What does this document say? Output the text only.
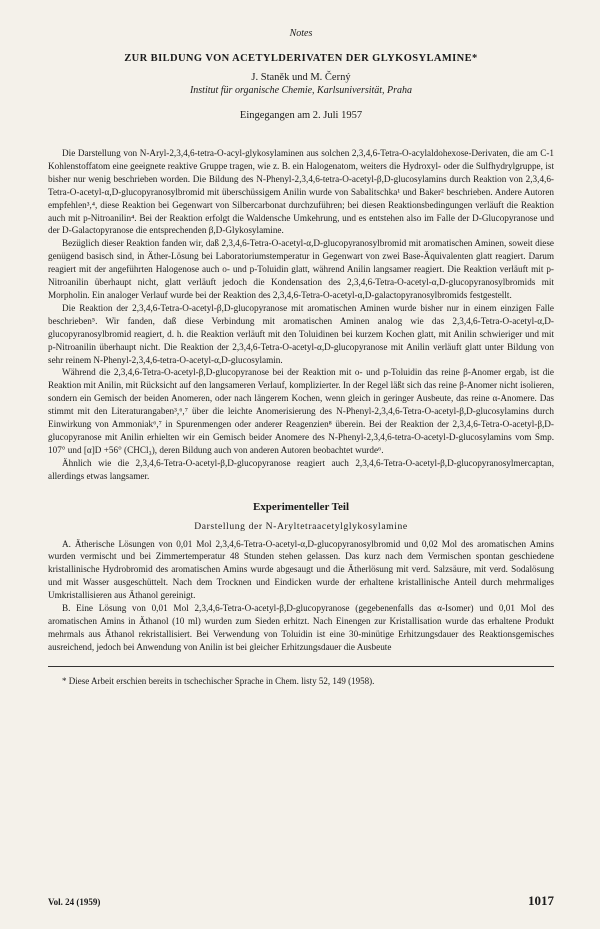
Notes
ZUR BILDUNG VON ACETYLDERIVATEN DER GLYKOSYLAMINE*
J. Staněk und M. Černý
Institut für organische Chemie, Karlsuniversität, Praha
Eingegangen am 2. Juli 1957

Die Darstellung von N-Aryl-2,3,4,6-tetra-O-acyl-glykosylaminen aus solchen 2,3,4,6-Tetra-O-acylaldohexose-Derivaten, die am C-1 Kohlenstoffatom eine geeignete reaktive Gruppe tragen, wie z. B. ein Halogenatom, weiters die Hydroxyl- oder die Sulfhydrylgruppe, ist bisher nur wenig beschrieben worden. Die Bildung des N-Phenyl-2,3,4,6-tetra-O-acetyl-β,D-glucosylamins durch Reaktion von 2,3,4,6-Tetra-O-acetyl-α,D-glucopyranosylbromid mit überschüssigem Anilin wurde von Sabalitschka¹ und Baker² beschrieben. Andere Autoren empfehlen³,⁴, diese Reaktion bei Gegenwart von Silbercarbonat durchzuführen; bei diesen Reaktionsbedingungen verläuft die Reaktion auch mit p-Nitroanilin⁴. Bei der Reaktion erfolgt die Waldensche Umkehrung, und es entstehen also im Falle der D-Glucopyranose und der D-Galactopyranose die entsprechenden β,D-Glykosylamine.

Bezüglich dieser Reaktion fanden wir, daß 2,3,4,6-Tetra-O-acetyl-α,D-glucopyranosylbromid mit aromatischen Aminen, soweit diese genügend basisch sind, in Äther-Lösung bei Laboratoriumstemperatur in Gegenwart von zwei Base-Äquivalenten glatt reagiert. Darum reagiert mit der angeführten Halogenose auch o- und p-Toluidin glatt, während Anilin langsamer reagiert. Die Reaktion verläuft mit p-Nitroanilin überhaupt nicht, glatt verläuft jedoch die Kondensation des 2,3,4,6-Tetra-O-acetyl-α,D-glucopyranosylbromids mit Morpholin. Ein analoger Verlauf wurde bei der Reaktion des 2,3,4,6-Tetra-O-acetyl-α,D-galactopyranosylbromids festgestellt.

Die Reaktion der 2,3,4,6-Tetra-O-acetyl-β,D-glucopyranose mit aromatischen Aminen wurde bisher nur in einem einzigen Falle beschrieben⁵. Wir fanden, daß diese Verbindung mit aromatischen Aminen analog wie das 2,3,4,6-Tetra-O-acetyl-α,D-glucopyranosylbromid reagiert, d. h. die Reaktion verläuft mit den Toluidinen bei kurzem Kochen glatt, mit Anilin schwieriger und mit p-Nitroanilin überhaupt nicht. Die Reaktion der 2,3,4,6-Tetra-O-acetyl-α,D-glucopyranose mit Anilin verläuft glatt unter Bildung von sehr reinem N-Phenyl-2,3,4,6-tetra-O-acetyl-α,D-glucosylamin.

Während die 2,3,4,6-Tetra-O-acetyl-β,D-glucopyranose bei der Reaktion mit o- und p-Toluidin das reine β-Anomer ergab, ist die Reaktion mit Anilin, mit Rücksicht auf den langsameren Verlauf, komplizierter. In der Regel läßt sich das reine β-Anomer nicht isolieren, sondern ein Gemisch der beiden Anomeren, oder nach längerem Kochen, wenn gleich in geringer Ausbeute, das reine α-Anomere. Das stimmt mit den Literaturangaben³,⁶,⁷ über die leichte Anomerisierung des N-Phenyl-2,3,4,6-Tetra-O-acetyl-β,D-glucosylamins durch Einwirkung von Ammoniak⁶,⁷ in Spurenmengen oder anderer Reagenzien⁸ überein. Bei der Reaktion der 2,3,4,6-Tetra-O-acetyl-β,D-glucopyranose mit Anilin erhielten wir ein Gemisch beider Anomere des N-Phenyl-2,3,4,6-tetra-O-acetyl-D-glucosylamins vom Smp. 107° und [α]D +56° (CHCl₃), deren Bildung auch von anderen Autoren beobachtet wurde⁶.

Ähnlich wie die 2,3,4,6-Tetra-O-acetyl-β,D-glucopyranose reagiert auch 2,3,4,6-Tetra-O-acetyl-β,D-glucopyranosylmercaptan, allerdings etwas langsamer.

Experimenteller Teil
Darstellung der N-Aryltetraacetylglykosylamine

A. Ätherische Lösungen von 0,01 Mol 2,3,4,6-Tetra-O-acetyl-α,D-glucopyranosylbromid und 0,02 Mol des aromatischen Amins wurden vermischt und bei Zimmertemperatur 48 Stunden stehen gelassen. Das kurz nach dem Vermischen spontan geschiedene kristallinische Hydrobromid des aromatischen Amins wurde abgesaugt und die Ätherlösung mit verd. Salzsäure, mit verd. Sodalösung und mit Wasser ausgeschüttelt. Nach dem Trocknen und Eindicken wurde der erhaltene kristallinische Anteil durch mehrmaliges Umkristallisieren aus Äthanol gereinigt.

B. Eine Lösung von 0,01 Mol 2,3,4,6-Tetra-O-acetyl-β,D-glucopyranose (gegebenenfalls das α-Isomer) und 0,01 Mol des aromatischen Amins in Äthanol (10 ml) wurden zum Sieden erhitzt. Nach Einengen zur Kristallisation wurde das erhaltene Produkt mehrmals aus Äthanol rekristallisiert. Bei Verwendung von Toluidin ist eine 30-minütige Erhitzungsdauer des Reaktionsgemisches ausreichend, jedoch bei Anwendung von Anilin ist bei gleicher Erhitzungsdauer die Ausbeute

* Diese Arbeit erschien bereits in tschechischer Sprache in Chem. listy 52, 149 (1958).
Vol. 24 (1959)	1017
